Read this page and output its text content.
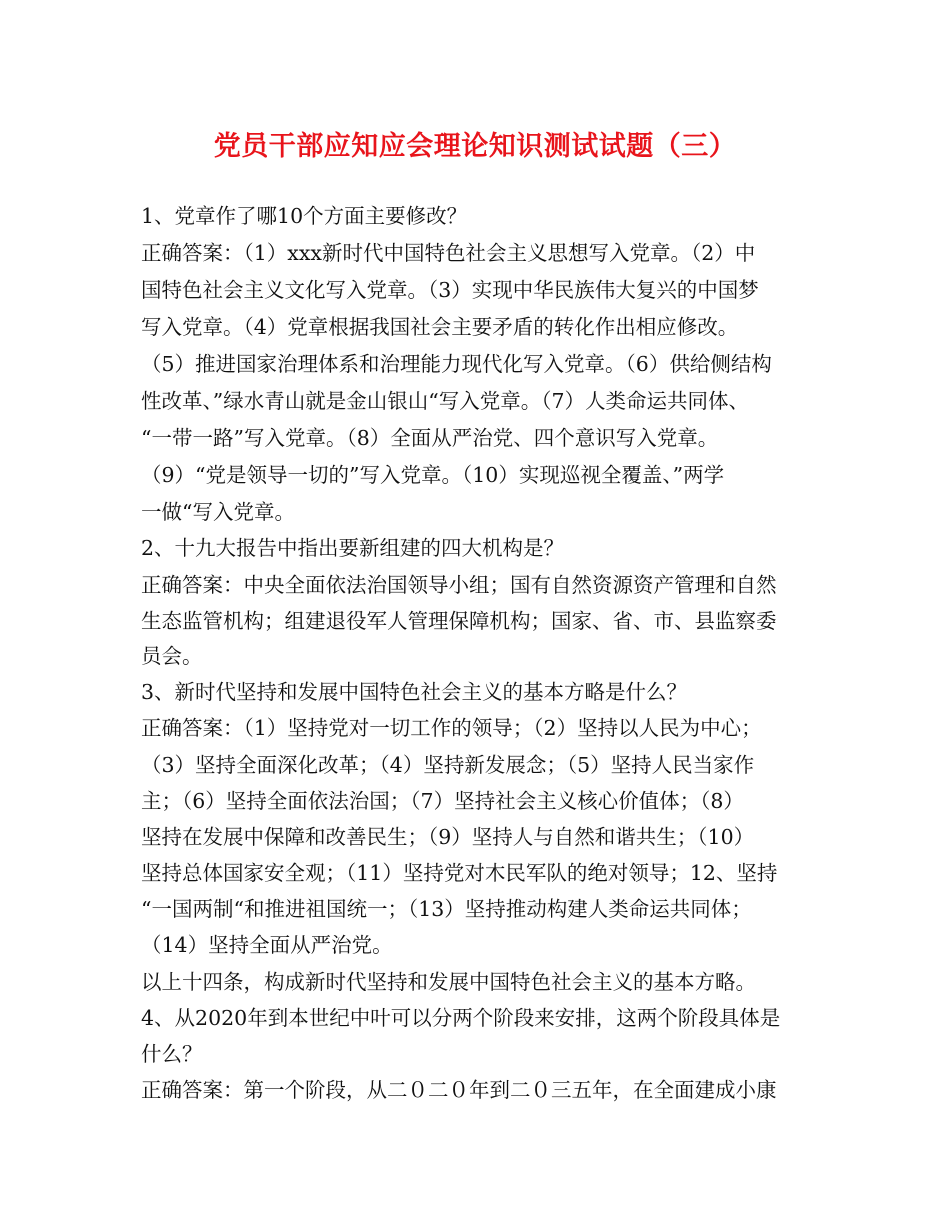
党员干部应知应会理论知识测试试题（三）
1、党章作了哪10个方面主要修改？
正确答案：（1）xxx新时代中国特色社会主义思想写入党章。（2）中
国特色社会主义文化写入党章。（3）实现中华民族伟大复兴的中国梦
写入党章。（4）党章根据我国社会主要矛盾的转化作出相应修改。
（5）推进国家治理体系和治理能力现代化写入党章。（6）供给侧结构
性改革、”绿水青山就是金山银山“写入党章。（7）人类命运共同体、
“一带一路”写入党章。（8）全面从严治党、四个意识写入党章。
（9）“党是领导一切的”写入党章。（10）实现巡视全覆盖、”两学
一做“写入党章。
2、十九大报告中指出要新组建的四大机构是？
正确答案：中央全面依法治国领导小组；国有自然资源资产管理和自然
生态监管机构；组建退役军人管理保障机构；国家、省、市、县监察委
员会。
3、新时代坚持和发展中国特色社会主义的基本方略是什么？
正确答案：（1）坚持党对一切工作的领导；（2）坚持以人民为中心；
（3）坚持全面深化改革；（4）坚持新发展念；（5）坚持人民当家作
主；（6）坚持全面依法治国；（7）坚持社会主义核心价值体；（8）
坚持在发展中保障和改善民生；（9）坚持人与自然和谐共生；（10）
坚持总体国家安全观；（11）坚持党对木民军队的绝对领导；12、坚持
“一国两制“和推进祖国统一；（13）坚持推动构建人类命运共同体；
（14）坚持全面从严治党。
以上十四条，构成新时代坚持和发展中国特色社会主义的基本方略。
4、从2020年到本世纪中叶可以分两个阶段来安排，这两个阶段具体是
什么？
正确答案：第一个阶段，从二０二０年到二０三五年，在全面建成小康
